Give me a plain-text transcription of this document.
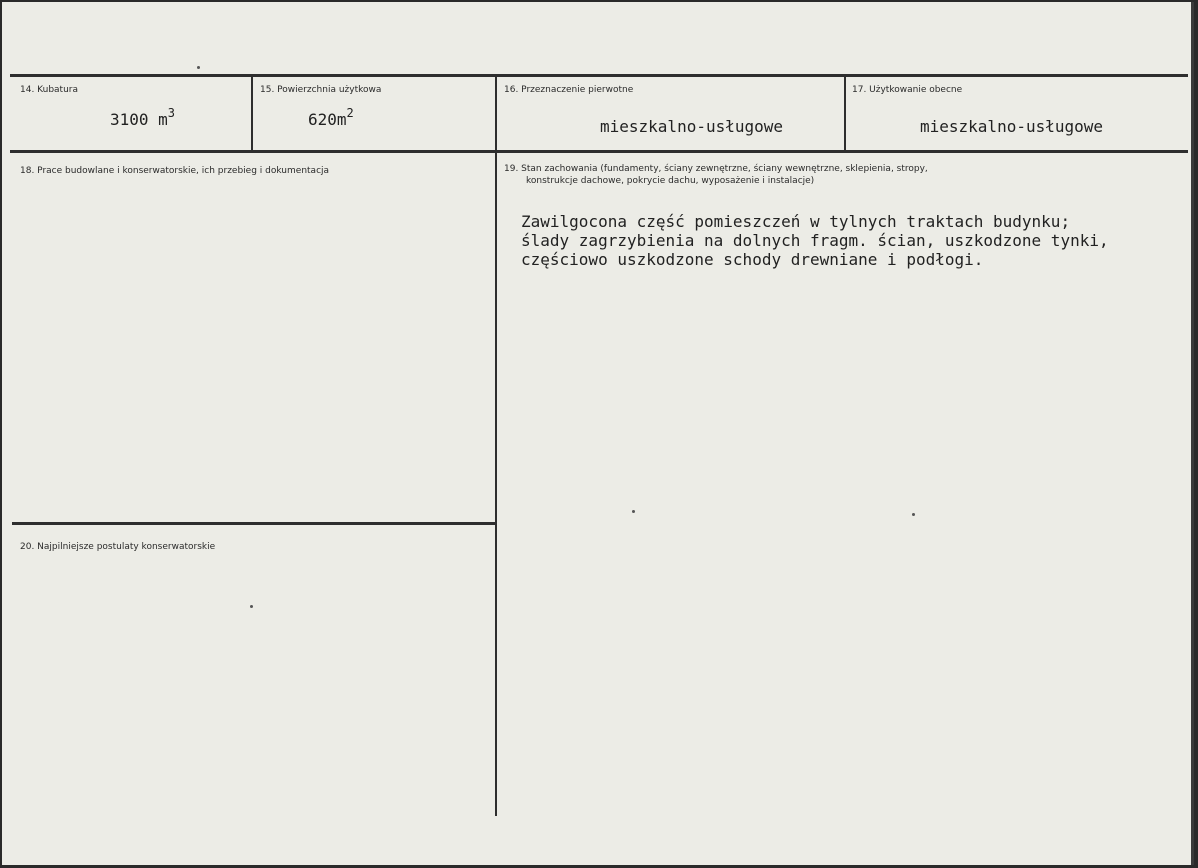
14. Kubatura
3100 $m^3$
15. Powierzchnia użytkowa
$620m^2$
16. Przeznaczenie pierwotne
mieszkalno-usługowe
17. Użytkowanie obecne
mieszkalno-usługowe
18. Prace budowlane i konserwatorskie, ich przebieg i dokumentacja	19. Stan zachowania (fundamenty, ściany zewnętrzne, ściany wewnętrzne, sklepienia, stropy,
konstrukcje dachowe, pokrycie dachu, wyposażenie i instalacje)
Zawilgocona część pomieszczeń w tylnych traktach budynku;
ślady zagrzybienia na dolnych fragm. ścian, uszkodzone tynki,
częściowo uszkodzone schody drewniane i podłogi.
20. Najpilniejsze postulaty konserwatorskie
